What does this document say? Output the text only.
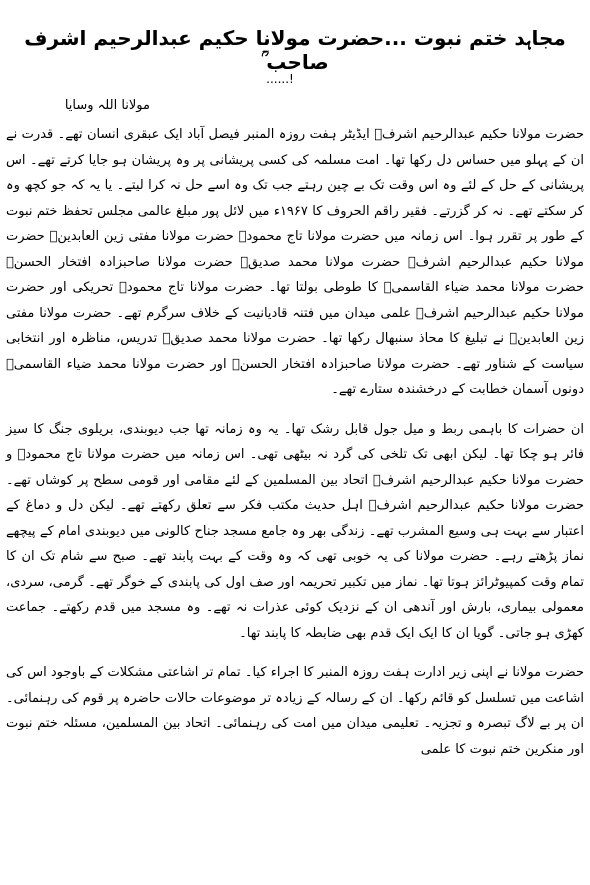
مجاہد ختم نبوت ...حضرت مولانا حکیم عبدالرحیم اشرف صاحب ؒ
!......
مولانا اللہ وسایا

حضرت مولانا حکیم عبدالرحیم اشرفؒ ایڈیٹر ہفت روزہ المنبر فیصل آباد ایک عبقری انسان تھے۔ قدرت نے ان کے پہلو میں حساس دل رکھا تھا۔ امت مسلمہ کی کسی پریشانی پر وہ پریشان ہو جایا کرتے تھے۔ اس پریشانی کے حل کے لئے وہ اس وقت تک بے چین رہتے جب تک وہ اسے حل نہ کرا لیتے۔ یا یہ کہ جو کچھ وہ کر سکتے تھے۔ نہ کر گزرتے۔ فقیر راقم الحروف کا ۱۹۶۷ء میں لائل پور مبلغ عالمی مجلس تحفظ ختم نبوت کے طور پر تقرر ہوا۔ اس زمانہ میں حضرت مولانا تاج محمودؒ حضرت مولانا مفتی زین العابدینؒ حضرت مولانا حکیم عبدالرحیم اشرفؒ حضرت مولانا محمد صدیقؒ حضرت مولانا صاحبزادہ افتخار الحسنؒ حضرت مولانا محمد ضیاء القاسمیؒ کا طوطی بولتا تھا۔ حضرت مولانا تاج محمودؒ تحریکی اور حضرت مولانا حکیم عبدالرحیم اشرفؒ علمی میدان میں فتنہ قادیانیت کے خلاف سرگرم تھے۔ حضرت مولانا مفتی زین العابدینؒ نے تبلیغ کا محاذ سنبھال رکھا تھا۔ حضرت مولانا محمد صدیقؒ تدریس، مناظرہ اور انتخابی سیاست کے شناور تھے۔ حضرت مولانا صاحبزادہ افتخار الحسنؒ اور حضرت مولانا محمد ضیاء القاسمیؒ دونوں آسمان خطابت کے درخشندہ ستارے تھے۔

ان حضرات کا باہمی ربط و میل جول قابل رشک تھا۔ یہ وہ زمانہ تھا جب دیوبندی، بریلوی جنگ کا سیز فائر ہو چکا تھا۔ لیکن ابھی تک تلخی کی گرد نہ بیٹھی تھی۔ اس زمانہ میں حضرت مولانا تاج محمودؒ و حضرت مولانا حکیم عبدالرحیم اشرفؒ اتحاد بین المسلمین کے لئے مقامی اور قومی سطح پر کوشاں تھے۔ حضرت مولانا حکیم عبدالرحیم اشرفؒ اہل حدیث مکتب فکر سے تعلق رکھتے تھے۔ لیکن دل و دماغ کے اعتبار سے بہت ہی وسیع المشرب تھے۔ زندگی بھر وہ جامع مسجد جناح کالونی میں دیوبندی امام کے پیچھے نماز پڑھتے رہے۔ حضرت مولانا کی یہ خوبی تھی کہ وہ وقت کے بہت پابند تھے۔ صبح سے شام تک ان کا تمام وقت کمپیوٹرائز ہوتا تھا۔ نماز میں تکبیر تحریمہ اور صف اول کی پابندی کے خوگر تھے۔ گرمی، سردی، معمولی بیماری، بارش اور آندھی ان کے نزدیک کوئی عذرات نہ تھے۔ وہ مسجد میں قدم رکھتے۔ جماعت کھڑی ہو جاتی۔ گویا ان کا ایک ایک قدم بھی ضابطہ کا پابند تھا۔

حضرت مولانا نے اپنی زیر ادارت ہفت روزہ المنبر کا اجراء کیا۔ تمام تر اشاعتی مشکلات کے باوجود اس کی اشاعت میں تسلسل کو قائم رکھا۔ ان کے رسالہ کے زیادہ تر موضوعات حالات حاضرہ پر قوم کی رہنمائی۔ ان پر بے لاگ تبصرہ و تجزیہ۔ تعلیمی میدان میں امت کی رہنمائی۔ اتحاد بین المسلمین، مسئلہ ختم نبوت اور منکرین ختم نبوت کا علمی
